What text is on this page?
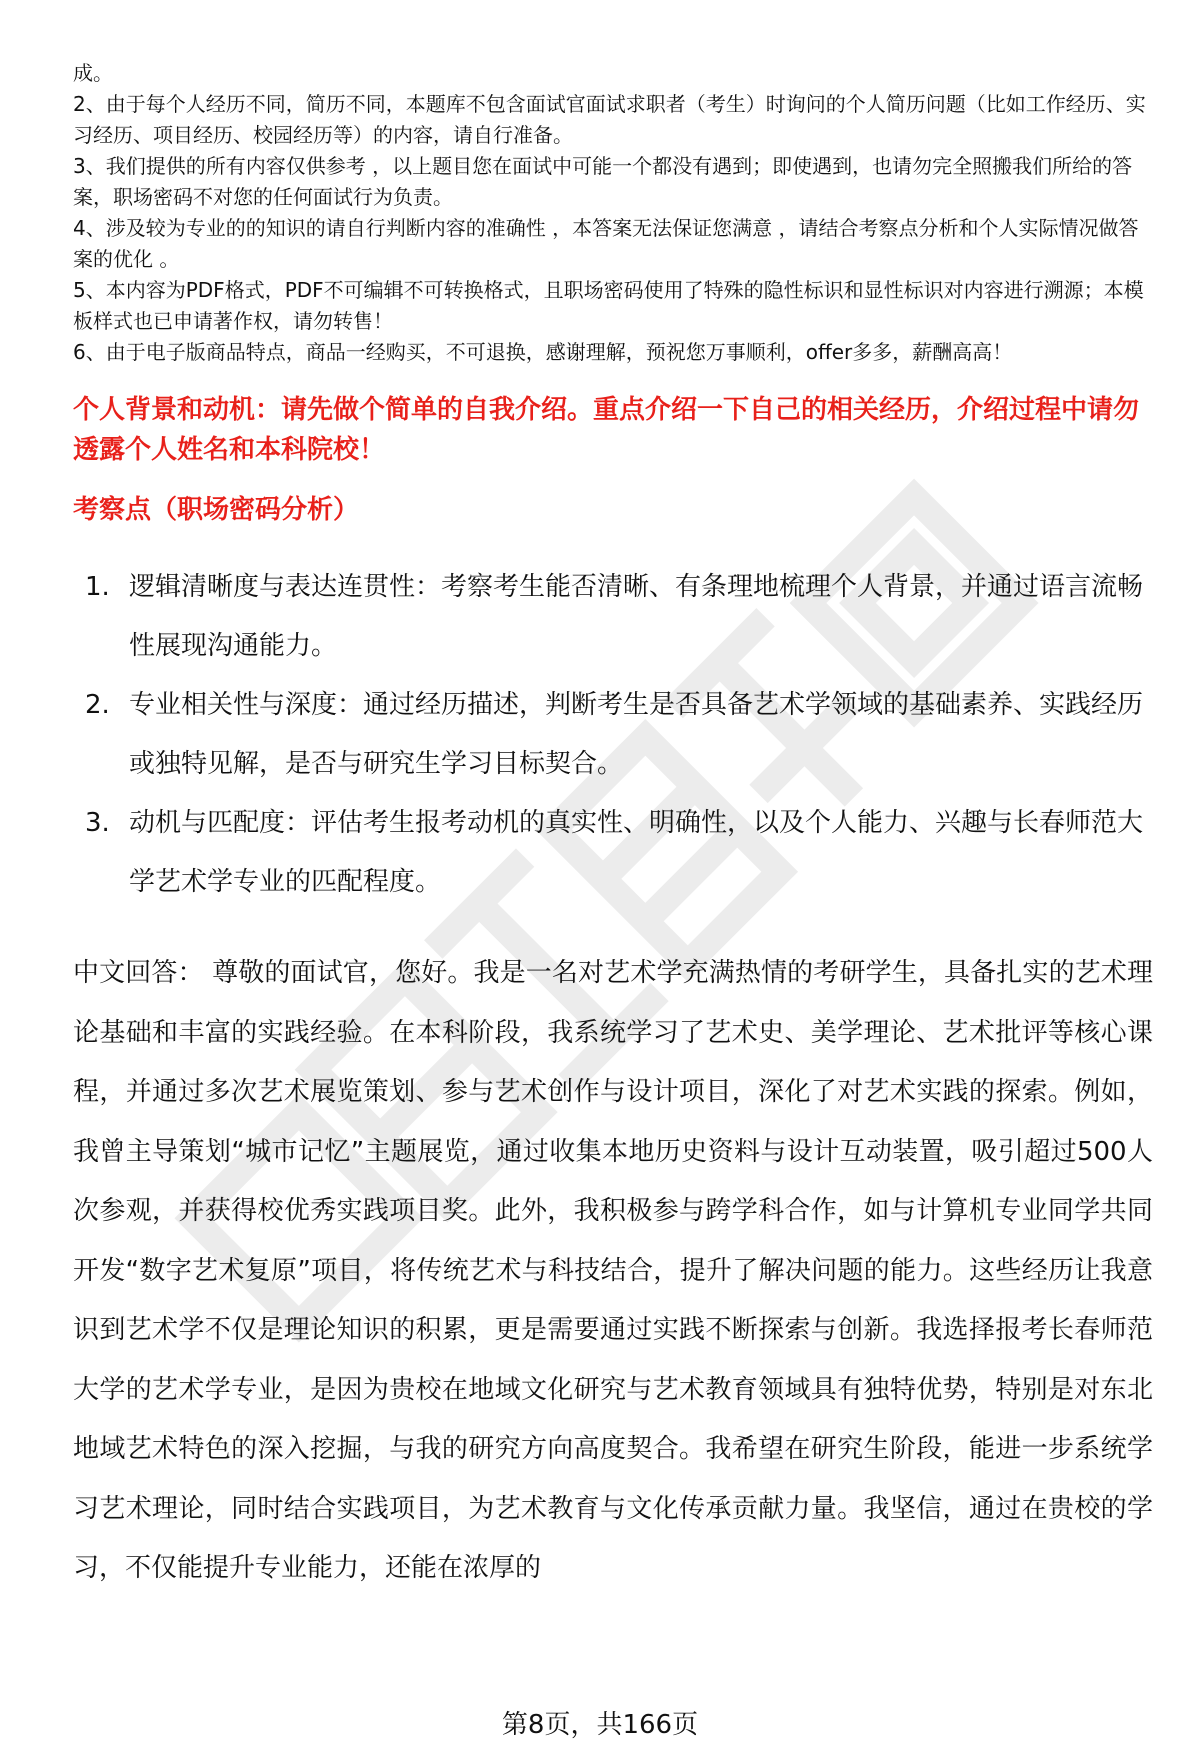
成。

2、由于每个人经历不同，简历不同，本题库不包含面试官面试求职者（考生）时询问的个人简历问题（比如工作经历、实习经历、项目经历、校园经历等）的内容，请自行准备。

3、我们提供的所有内容仅供参考 ，以上题目您在面试中可能一个都没有遇到；即使遇到，也请勿完全照搬我们所给的答案，职场密码不对您的任何面试行为负责。

4、涉及较为专业的的知识的请自行判断内容的准确性 ，本答案无法保证您满意 ，请结合考察点分析和个人实际情况做答案的优化 。

5、本内容为PDF格式，PDF不可编辑不可转换格式，且职场密码使用了特殊的隐性标识和显性标识对内容进行溯源；本模板样式也已申请著作权，请勿转售！

6、由于电子版商品特点，商品一经购买，不可退换，感谢理解，预祝您万事顺利，offer多多，薪酬高高！

个人背景和动机：请先做个简单的自我介绍。重点介绍一下自己的相关经历，介绍过程中请勿透露个人姓名和本科院校！
考察点（职场密码分析）
1. 逻辑清晰度与表达连贯性：考察考生能否清晰、有条理地梳理个人背景，并通过语言流畅性展现沟通能力。
2. 专业相关性与深度：通过经历描述，判断考生是否具备艺术学领域的基础素养、实践经历或独特见解，是否与研究生学习目标契合。
3. 动机与匹配度：评估考生报考动机的真实性、明确性，以及个人能力、兴趣与长春师范大学艺术学专业的匹配程度。
中文回答： 尊敬的面试官，您好。我是一名对艺术学充满热情的考研学生，具备扎实的艺术理论基础和丰富的实践经验。在本科阶段，我系统学习了艺术史、美学理论、艺术批评等核心课程，并通过多次艺术展览策划、参与艺术创作与设计项目，深化了对艺术实践的探索。例如，我曾主导策划“城市记忆”主题展览，通过收集本地历史资料与设计互动装置，吸引超过500人次参观，并获得校优秀实践项目奖。此外，我积极参与跨学科合作，如与计算机专业同学共同开发“数字艺术复原”项目，将传统艺术与科技结合，提升了解决问题的能力。这些经历让我意识到艺术学不仅是理论知识的积累，更是需要通过实践不断探索与创新。我选择报考长春师范大学的艺术学专业，是因为贵校在地域文化研究与艺术教育领域具有独特优势，特别是对东北地域艺术特色的深入挖掘，与我的研究方向高度契合。我希望在研究生阶段，能进一步系统学习艺术理论，同时结合实践项目，为艺术教育与文化传承贡献力量。我坚信，通过在贵校的学习，不仅能提升专业能力，还能在浓厚的
第8页，共166页
